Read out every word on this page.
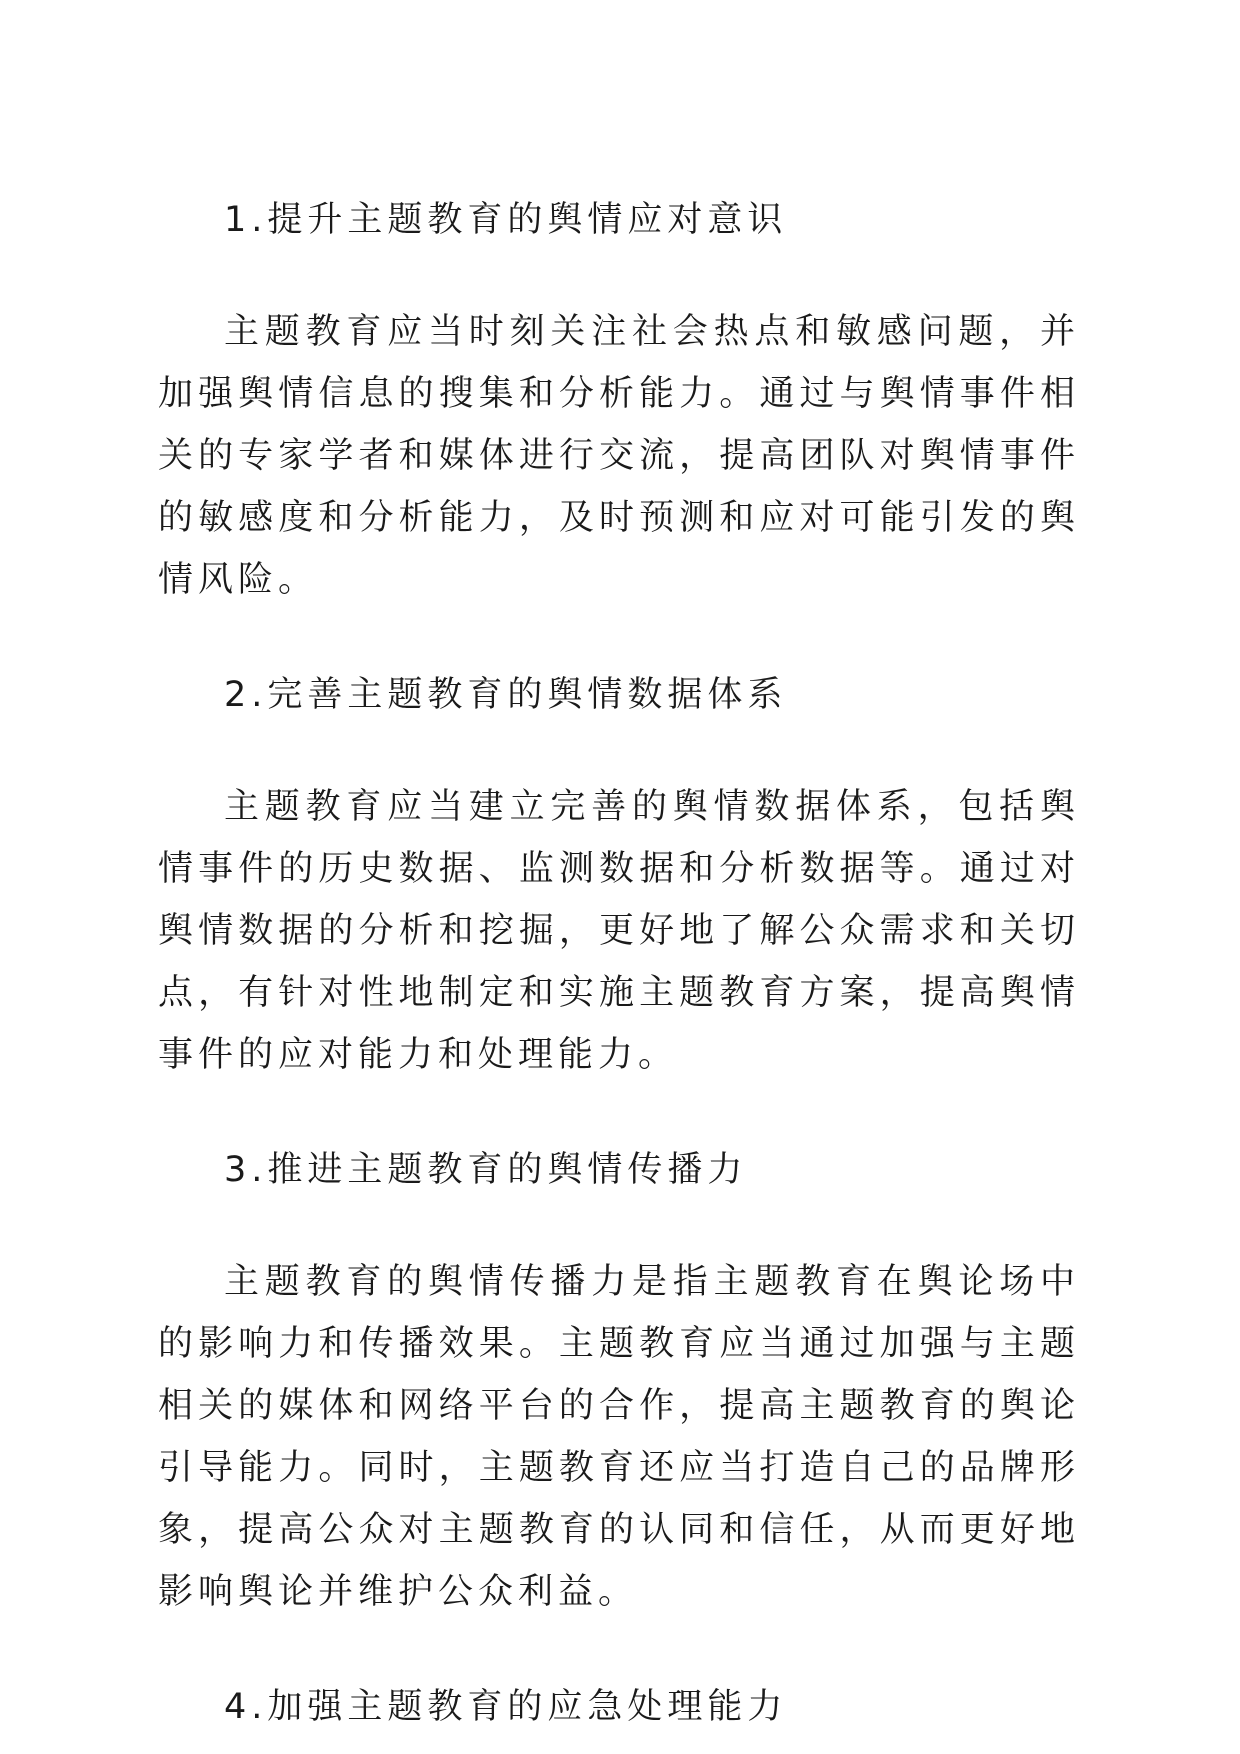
1.提升主题教育的舆情应对意识

主题教育应当时刻关注社会热点和敏感问题，并加强舆情信息的搜集和分析能力。通过与舆情事件相关的专家学者和媒体进行交流，提高团队对舆情事件的敏感度和分析能力，及时预测和应对可能引发的舆情风险。

2.完善主题教育的舆情数据体系

主题教育应当建立完善的舆情数据体系，包括舆情事件的历史数据、监测数据和分析数据等。通过对舆情数据的分析和挖掘，更好地了解公众需求和关切点，有针对性地制定和实施主题教育方案，提高舆情事件的应对能力和处理能力。

3.推进主题教育的舆情传播力

主题教育的舆情传播力是指主题教育在舆论场中的影响力和传播效果。主题教育应当通过加强与主题相关的媒体和网络平台的合作，提高主题教育的舆论引导能力。同时，主题教育还应当打造自己的品牌形象，提高公众对主题教育的认同和信任，从而更好地影响舆论并维护公众利益。

4.加强主题教育的应急处理能力
